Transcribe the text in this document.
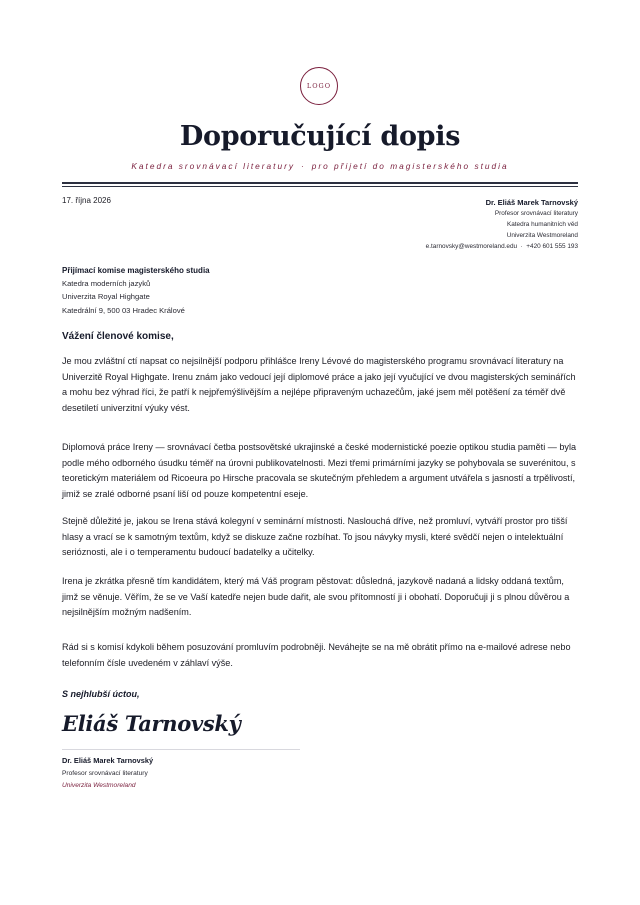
LOGO
Doporučující dopis
Katedra srovnávací literatury · pro přijetí do magisterského studia
17. října 2026	Dr. Eliáš Marek Tarnovský
Profesor srovnávací literatury
Katedra humanitních věd
Univerzita Westmoreland
e.tarnovsky@westmoreland.edu  ·  +420 601 555 193
Přijímací komise magisterského studia
Katedra moderních jazyků
Univerzita Royal Highgate
Katedrální 9, 500 03 Hradec Králové
Vážení členové komise,
Je mou zvláštní ctí napsat co nejsilnější podporu přihlášce Ireny Lévové do magisterského programu srovnávací literatury na Univerzitě Royal Highgate. Irenu znám jako vedoucí její diplomové práce a jako její vyučující ve dvou magisterských seminářích a mohu bez výhrad říci, že patří k nejpřemýšlivějším a nejlépe připraveným uchazečům, jaké jsem měl potěšení za téměř dvě desetiletí univerzitní výuky vést.
Diplomová práce Ireny — srovnávací četba postsovětské ukrajinské a české modernistické poezie optikou studia paměti — byla podle mého odborného úsudku téměř na úrovni publikovatelnosti. Mezi třemi primárními jazyky se pohybovala se suverénitou, s teoretickým materiálem od Ricoeura po Hirsche pracovala se skutečným přehledem a argument utvářela s jasností a trpělivostí, jimiž se zralé odborné psaní liší od pouze kompetentní eseje.
Stejně důležité je, jakou se Irena stává kolegyní v seminární místnosti. Naslouchá dříve, než promluví, vytváří prostor pro tišší hlasy a vrací se k samotným textům, když se diskuze začne rozbíhat. To jsou návyky mysli, které svědčí nejen o intelektuální serióznosti, ale i o temperamentu budoucí badatelky a učitelky.
Irena je zkrátka přesně tím kandidátem, který má Váš program pěstovat: důsledná, jazykově nadaná a lidsky oddaná textům, jimž se věnuje. Věřím, že se ve Vaší katedře nejen bude dařit, ale svou přítomností ji i obohatí. Doporučuji ji s plnou důvěrou a nejsilnějším možným nadšením.
Rád si s komisí kdykoli během posuzování promluvím podrobněji. Neváhejte se na mě obrátit přímo na e-mailové adrese nebo telefonním čísle uvedeném v záhlaví výše.
S nejhlubší úctou,
Eliáš Tarnovský
Dr. Eliáš Marek Tarnovský
Profesor srovnávací literatury
Univerzita Westmoreland
